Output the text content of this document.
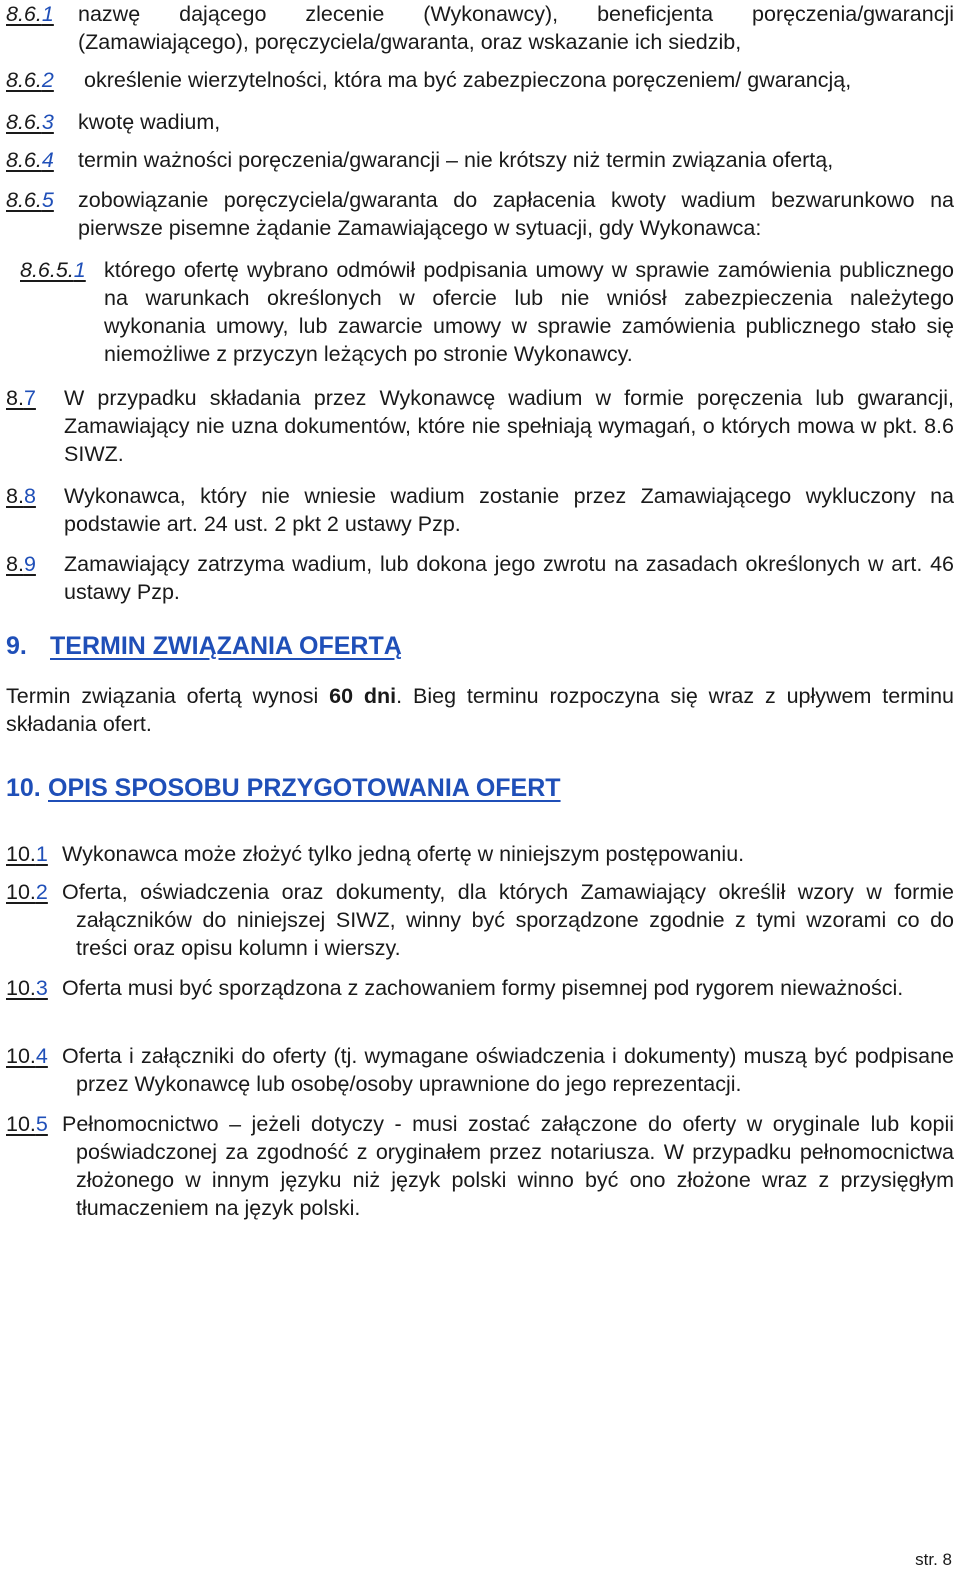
8.6.1 nazwę dającego zlecenie (Wykonawcy), beneficjenta poręczenia/gwarancji (Zamawiającego), poręczyciela/gwaranta, oraz wskazanie ich siedzib,
8.6.2 określenie wierzytelności, która ma być zabezpieczona poręczeniem/ gwarancją,
8.6.3 kwotę wadium,
8.6.4 termin ważności poręczenia/gwarancji – nie krótszy niż termin związania ofertą,
8.6.5 zobowiązanie poręczyciela/gwaranta do zapłacenia kwoty wadium bezwarunkowo na pierwsze pisemne żądanie Zamawiającego w sytuacji, gdy Wykonawca:
8.6.5.1 którego ofertę wybrano odmówił podpisania umowy w sprawie zamówienia publicznego na warunkach określonych w ofercie lub nie wniósł zabezpieczenia należytego wykonania umowy, lub zawarcie umowy w sprawie zamówienia publicznego stało się niemożliwe z przyczyn leżących po stronie Wykonawcy.
8.7 W przypadku składania przez Wykonawcę wadium w formie poręczenia lub gwarancji, Zamawiający nie uzna dokumentów, które nie spełniają wymagań, o których mowa w pkt. 8.6 SIWZ.
8.8 Wykonawca, który nie wniesie wadium zostanie przez Zamawiającego wykluczony na podstawie art. 24 ust. 2 pkt 2 ustawy Pzp.
8.9 Zamawiający zatrzyma wadium, lub dokona jego zwrotu na zasadach określonych w art. 46 ustawy Pzp.
9. TERMIN ZWIĄZANIA OFERTĄ
Termin związania ofertą wynosi 60 dni. Bieg terminu rozpoczyna się wraz z upływem terminu składania ofert.
10. OPIS SPOSOBU PRZYGOTOWANIA OFERT
10.1 Wykonawca może złożyć tylko jedną ofertę w niniejszym postępowaniu.
10.2 Oferta, oświadczenia oraz dokumenty, dla których Zamawiający określił wzory w formie załączników do niniejszej SIWZ, winny być sporządzone zgodnie z tymi wzorami co do treści oraz opisu kolumn i wierszy.
10.3 Oferta musi być sporządzona z zachowaniem formy pisemnej pod rygorem nieważności.
10.4 Oferta i załączniki do oferty (tj. wymagane oświadczenia i dokumenty) muszą być podpisane przez Wykonawcę lub osobę/osoby uprawnione do jego reprezentacji.
10.5 Pełnomocnictwo – jeżeli dotyczy - musi zostać załączone do oferty w oryginale lub kopii poświadczonej za zgodność z oryginałem przez notariusza. W przypadku pełnomocnictwa złożonego w innym języku niż język polski winno być ono złożone wraz z przysięgłym tłumaczeniem na język polski.
str. 8
